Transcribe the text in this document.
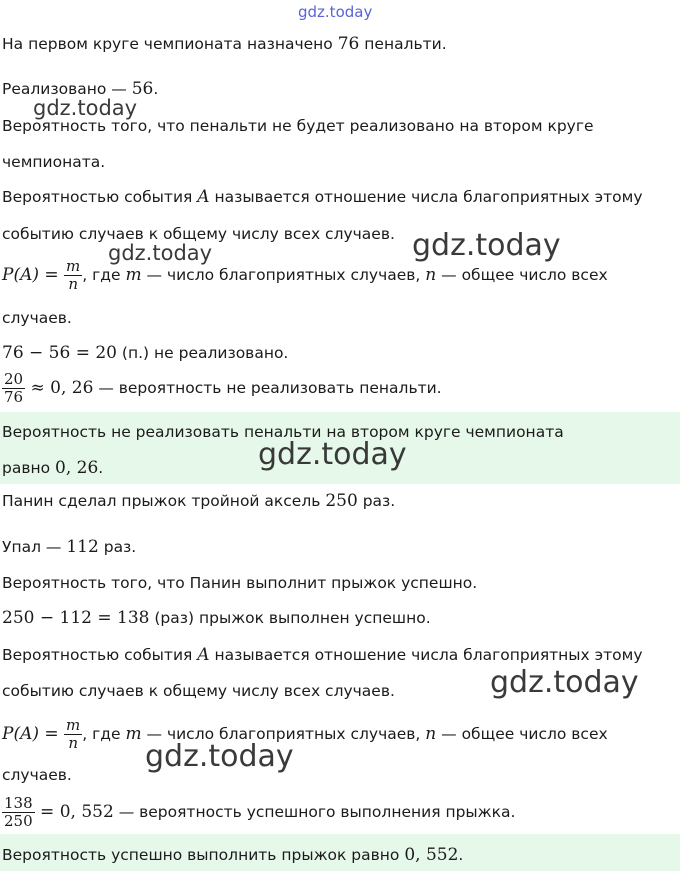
На первом круге чемпионата назначено 76 пенальти.
Реализовано — 56.
Вероятность того, что пенальти не будет реализовано на втором круге
чемпионата.
Вероятностью события A называется отношение числа благоприятных этому
событию случаев к общему числу всех случаев.
$P(A) = \frac{m}{n}$ , где m — число благоприятных случаев, n — общее число всех
случаев.
76 − 56 = 20 (п.) не реализовано.
$\frac{20}{76} \approx 0$, 26 — вероятность не реализовать пенальти.
Вероятность не реализовать пенальти на втором круге чемпионата
равно 0, 26.
Панин сделал прыжок тройной аксель 250 раз.
Упал — 112 раз.
Вероятность того, что Панин выполнит прыжок успешно.
250 − 112 = 138 (раз) прыжок выполнен успешно.
Вероятностью события A называется отношение числа благоприятных этому
событию случаев к общему числу всех случаев.
$P(A) = \frac{m}{n}$ , где m — число благоприятных случаев, n — общее число всех
случаев.
$\frac{138}{250} = 0$, 552 — вероятность успешного выполнения прыжка.
Вероятность успешно выполнить прыжок равно 0, 552.
gdz.today
gdz.today
gdz.today	gdz.today
gdz.today
gdz.today
gdz.today
